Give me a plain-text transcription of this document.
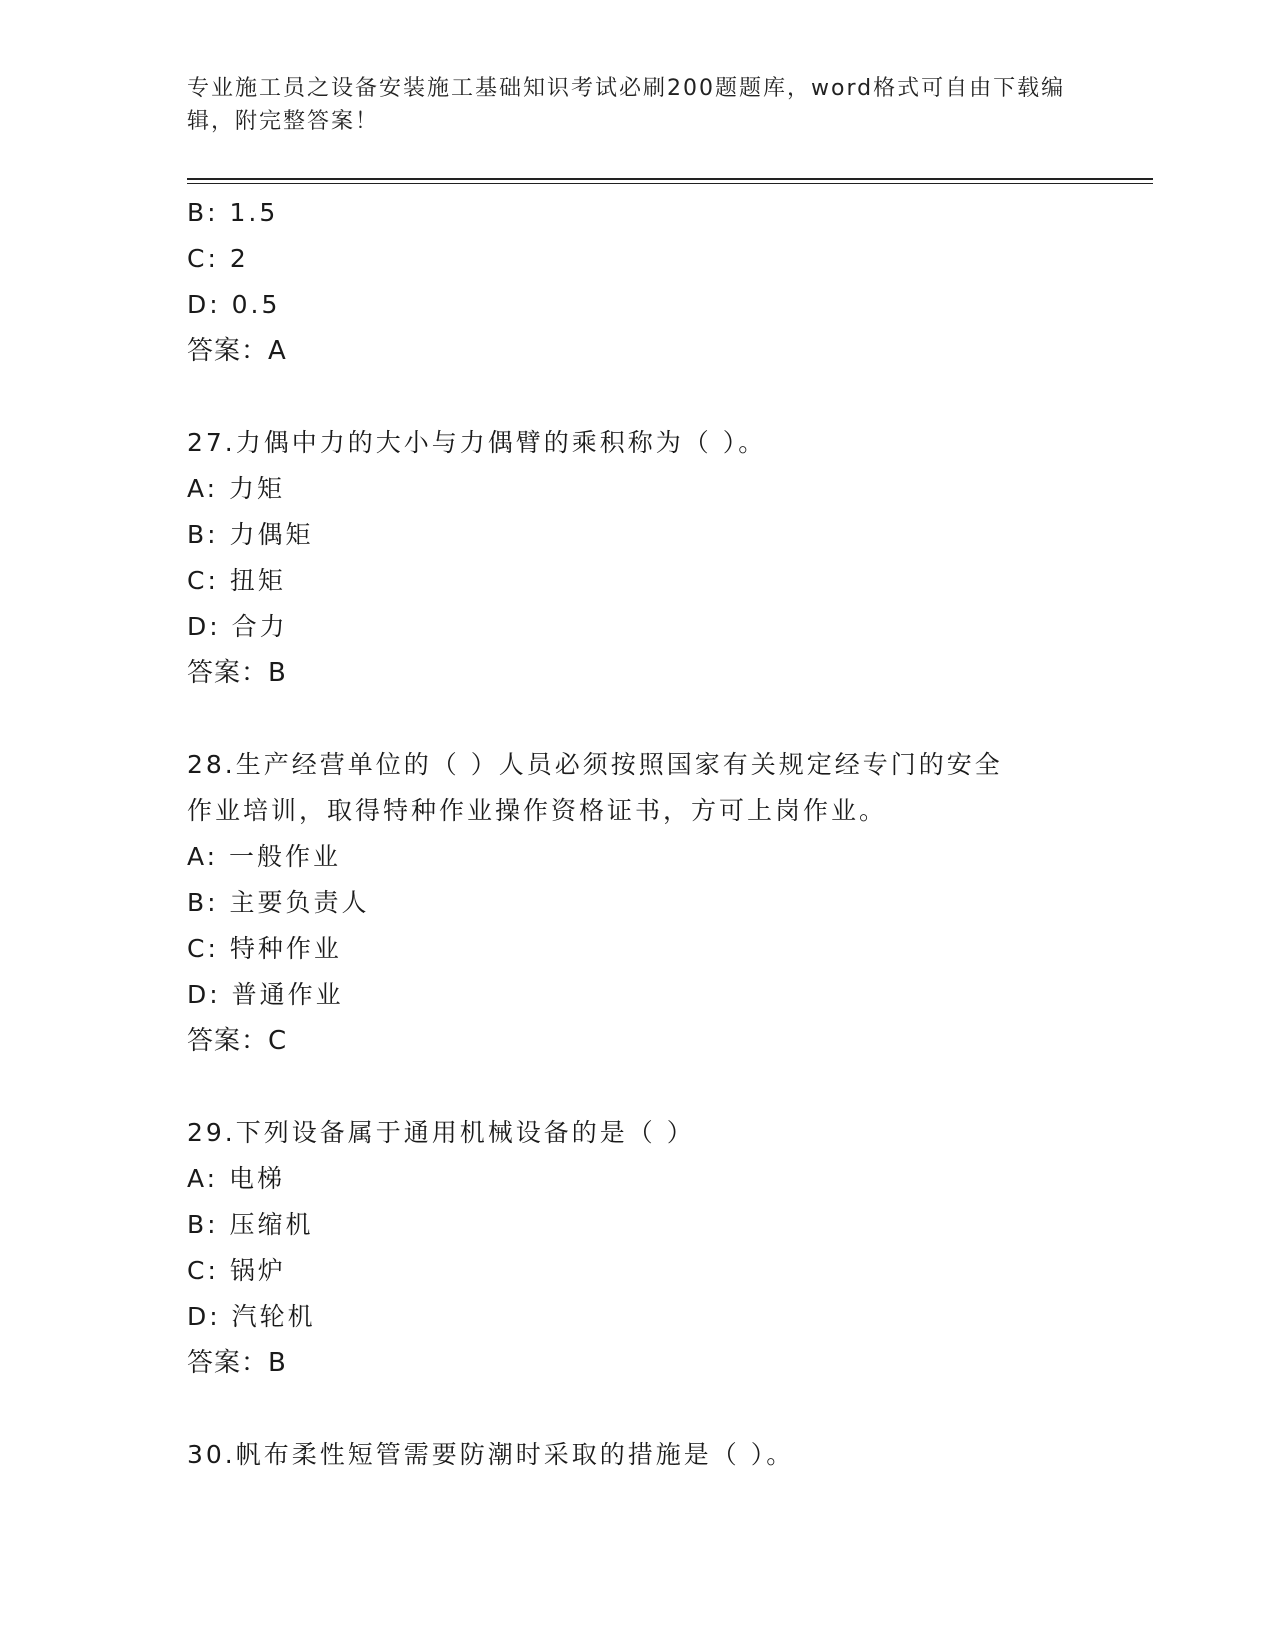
专业施工员之设备安装施工基础知识考试必刷200题题库，word格式可自由下载编辑，附完整答案！
B: 1.5
C: 2
D: 0.5
答案：A
27.力偶中力的大小与力偶臂的乘积称为（ ）。
A: 力矩
B: 力偶矩
C: 扭矩
D: 合力
答案：B
28.生产经营单位的（ ）人员必须按照国家有关规定经专门的安全作业培训，取得特种作业操作资格证书，方可上岗作业。
A: 一般作业
B: 主要负责人
C: 特种作业
D: 普通作业
答案：C
29.下列设备属于通用机械设备的是（ ）
A: 电梯
B: 压缩机
C: 锅炉
D: 汽轮机
答案：B
30.帆布柔性短管需要防潮时采取的措施是（ ）。
